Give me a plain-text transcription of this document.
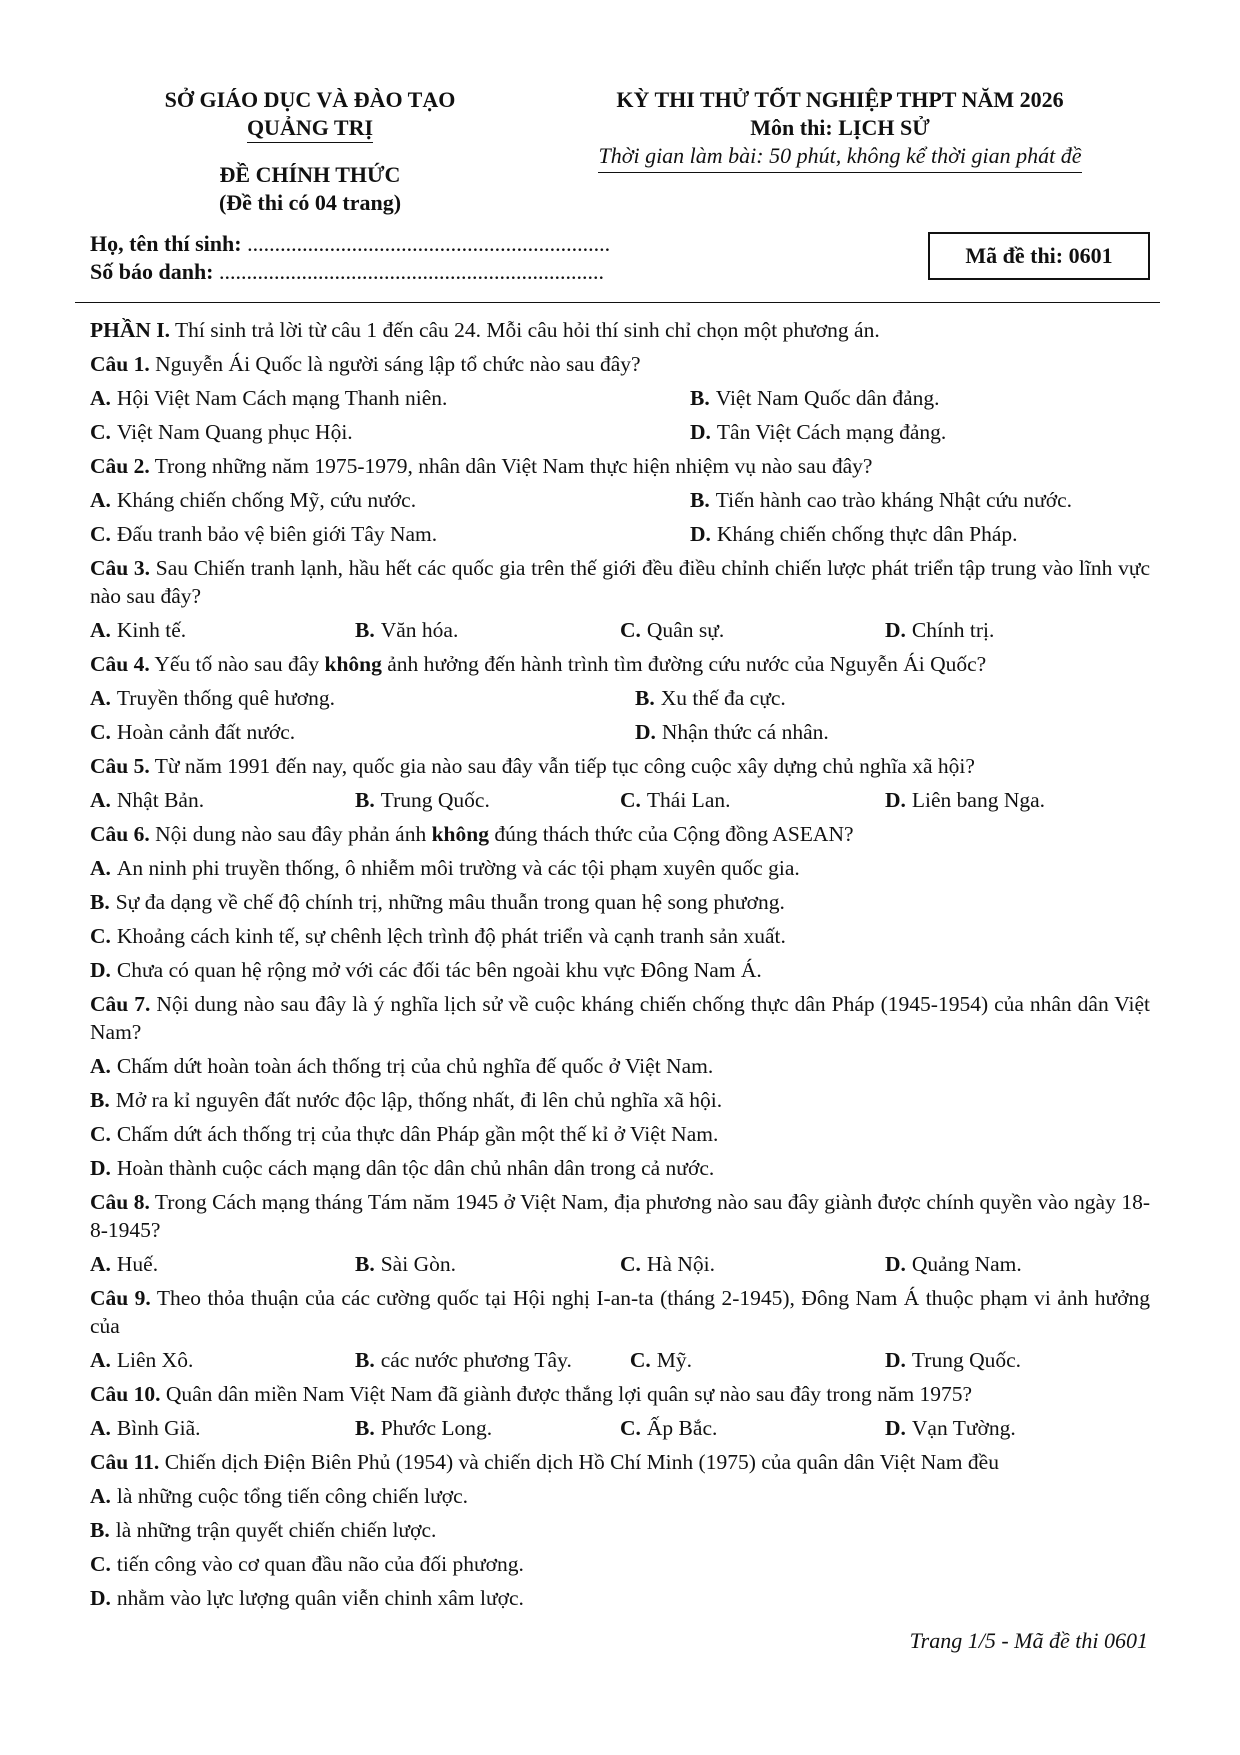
SỞ GIÁO DỤC VÀ ĐÀO TẠO
QUẢNG TRỊ
ĐỀ CHÍNH THỨC
(Đề thi có 04 trang)
KỲ THI THỬ TỐT NGHIỆP THPT NĂM 2026
Môn thi: LỊCH SỬ
Thời gian làm bài: 50 phút, không kể thời gian phát đề
Họ, tên thí sinh: ..................................................................
Số báo danh: ......................................................................
Mã đề thi: 0601
PHẦN I. Thí sinh trả lời từ câu 1 đến câu 24. Mỗi câu hỏi thí sinh chỉ chọn một phương án.
Câu 1. Nguyễn Ái Quốc là người sáng lập tổ chức nào sau đây?
A. Hội Việt Nam Cách mạng Thanh niên.	B. Việt Nam Quốc dân đảng.
C. Việt Nam Quang phục Hội.	D. Tân Việt Cách mạng đảng.
Câu 2. Trong những năm 1975-1979, nhân dân Việt Nam thực hiện nhiệm vụ nào sau đây?
A. Kháng chiến chống Mỹ, cứu nước.	B. Tiến hành cao trào kháng Nhật cứu nước.
C. Đấu tranh bảo vệ biên giới Tây Nam.	D. Kháng chiến chống thực dân Pháp.
Câu 3. Sau Chiến tranh lạnh, hầu hết các quốc gia trên thế giới đều điều chỉnh chiến lược phát triển tập trung vào lĩnh vực nào sau đây?
A. Kinh tế.	B. Văn hóa.	C. Quân sự.	D. Chính trị.
Câu 4. Yếu tố nào sau đây không ảnh hưởng đến hành trình tìm đường cứu nước của Nguyễn Ái Quốc?
A. Truyền thống quê hương.	B. Xu thế đa cực.
C. Hoàn cảnh đất nước.	D. Nhận thức cá nhân.
Câu 5. Từ năm 1991 đến nay, quốc gia nào sau đây vẫn tiếp tục công cuộc xây dựng chủ nghĩa xã hội?
A. Nhật Bản.	B. Trung Quốc.	C. Thái Lan.	D. Liên bang Nga.
Câu 6. Nội dung nào sau đây phản ánh không đúng thách thức của Cộng đồng ASEAN?
A. An ninh phi truyền thống, ô nhiễm môi trường và các tội phạm xuyên quốc gia.
B. Sự đa dạng về chế độ chính trị, những mâu thuẫn trong quan hệ song phương.
C. Khoảng cách kinh tế, sự chênh lệch trình độ phát triển và cạnh tranh sản xuất.
D. Chưa có quan hệ rộng mở với các đối tác bên ngoài khu vực Đông Nam Á.
Câu 7. Nội dung nào sau đây là ý nghĩa lịch sử về cuộc kháng chiến chống thực dân Pháp (1945-1954) của nhân dân Việt Nam?
A. Chấm dứt hoàn toàn ách thống trị của chủ nghĩa đế quốc ở Việt Nam.
B. Mở ra kỉ nguyên đất nước độc lập, thống nhất, đi lên chủ nghĩa xã hội.
C. Chấm dứt ách thống trị của thực dân Pháp gần một thế kỉ ở Việt Nam.
D. Hoàn thành cuộc cách mạng dân tộc dân chủ nhân dân trong cả nước.
Câu 8. Trong Cách mạng tháng Tám năm 1945 ở Việt Nam, địa phương nào sau đây giành được chính quyền vào ngày 18-8-1945?
A. Huế.	B. Sài Gòn.	C. Hà Nội.	D. Quảng Nam.
Câu 9. Theo thỏa thuận của các cường quốc tại Hội nghị I-an-ta (tháng 2-1945), Đông Nam Á thuộc phạm vi ảnh hưởng của
A. Liên Xô.	B. các nước phương Tây.	C. Mỹ.	D. Trung Quốc.
Câu 10. Quân dân miền Nam Việt Nam đã giành được thắng lợi quân sự nào sau đây trong năm 1975?
A. Bình Giã.	B. Phước Long.	C. Ấp Bắc.	D. Vạn Tường.
Câu 11. Chiến dịch Điện Biên Phủ (1954) và chiến dịch Hồ Chí Minh (1975) của quân dân Việt Nam đều
A. là những cuộc tổng tiến công chiến lược.
B. là những trận quyết chiến chiến lược.
C. tiến công vào cơ quan đầu não của đối phương.
D. nhằm vào lực lượng quân viễn chinh xâm lược.
Trang 1/5 - Mã đề thi 0601
